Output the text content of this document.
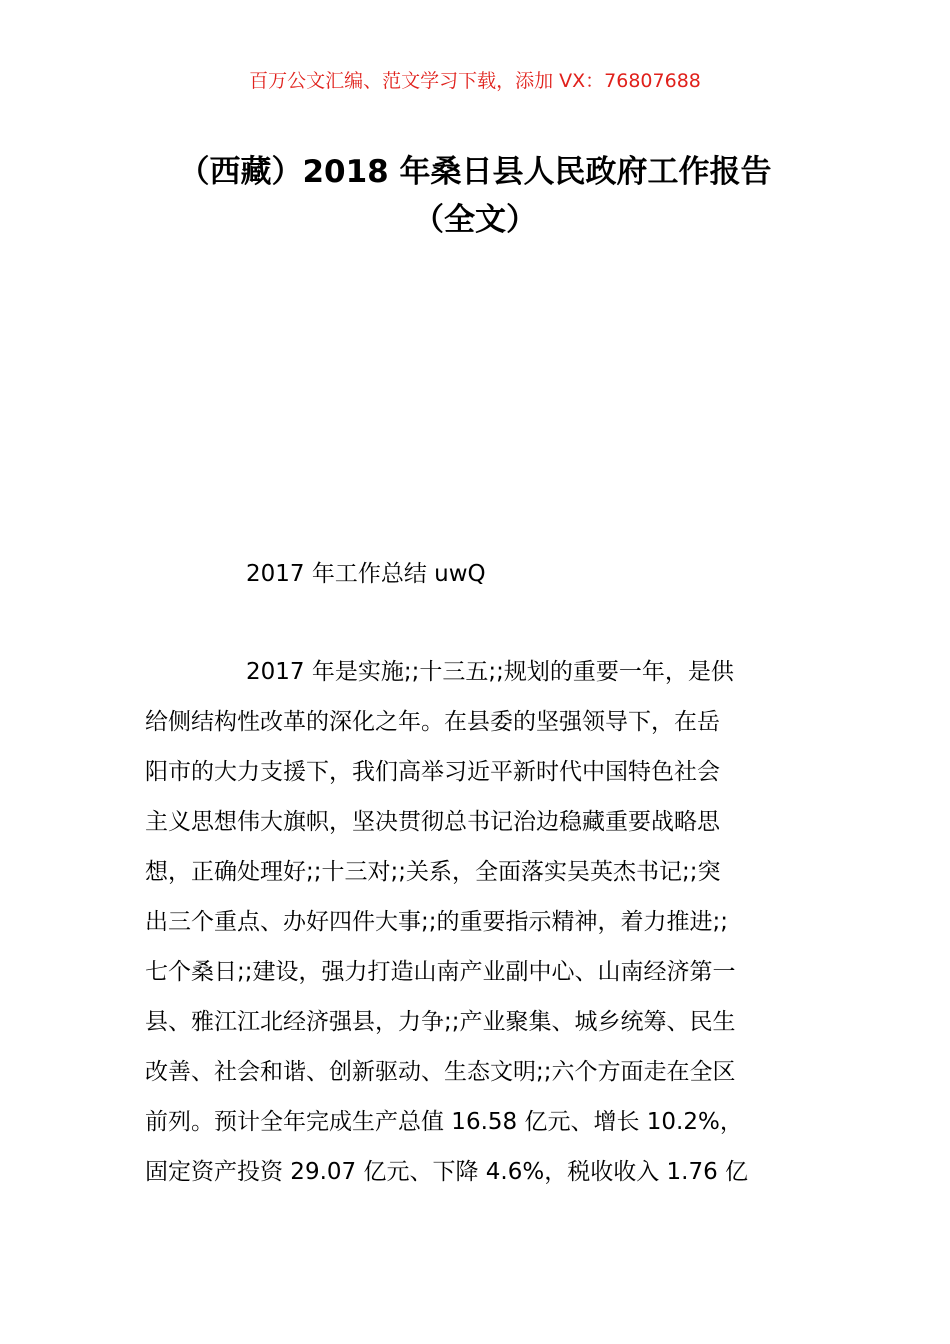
百万公文汇编、范文学习下载，添加 VX：76807688
（西藏）2018 年桑日县人民政府工作报告
（全文）
2017 年工作总结 uwQ
2017 年是实施;;十三五;;规划的重要一年，是供
给侧结构性改革的深化之年。在县委的坚强领导下，在岳
阳市的大力支援下，我们高举习近平新时代中国特色社会
主义思想伟大旗帜，坚决贯彻总书记治边稳藏重要战略思
想，正确处理好;;十三对;;关系，全面落实吴英杰书记;;突
出三个重点、办好四件大事;;的重要指示精神，着力推进;;
七个桑日;;建设，强力打造山南产业副中心、山南经济第一
县、雅江江北经济强县，力争;;产业聚集、城乡统筹、民生
改善、社会和谐、创新驱动、生态文明;;六个方面走在全区
前列。预计全年完成生产总值 16.58 亿元、增长 10.2%，
固定资产投资 29.07 亿元、下降 4.6%，税收收入 1.76 亿
